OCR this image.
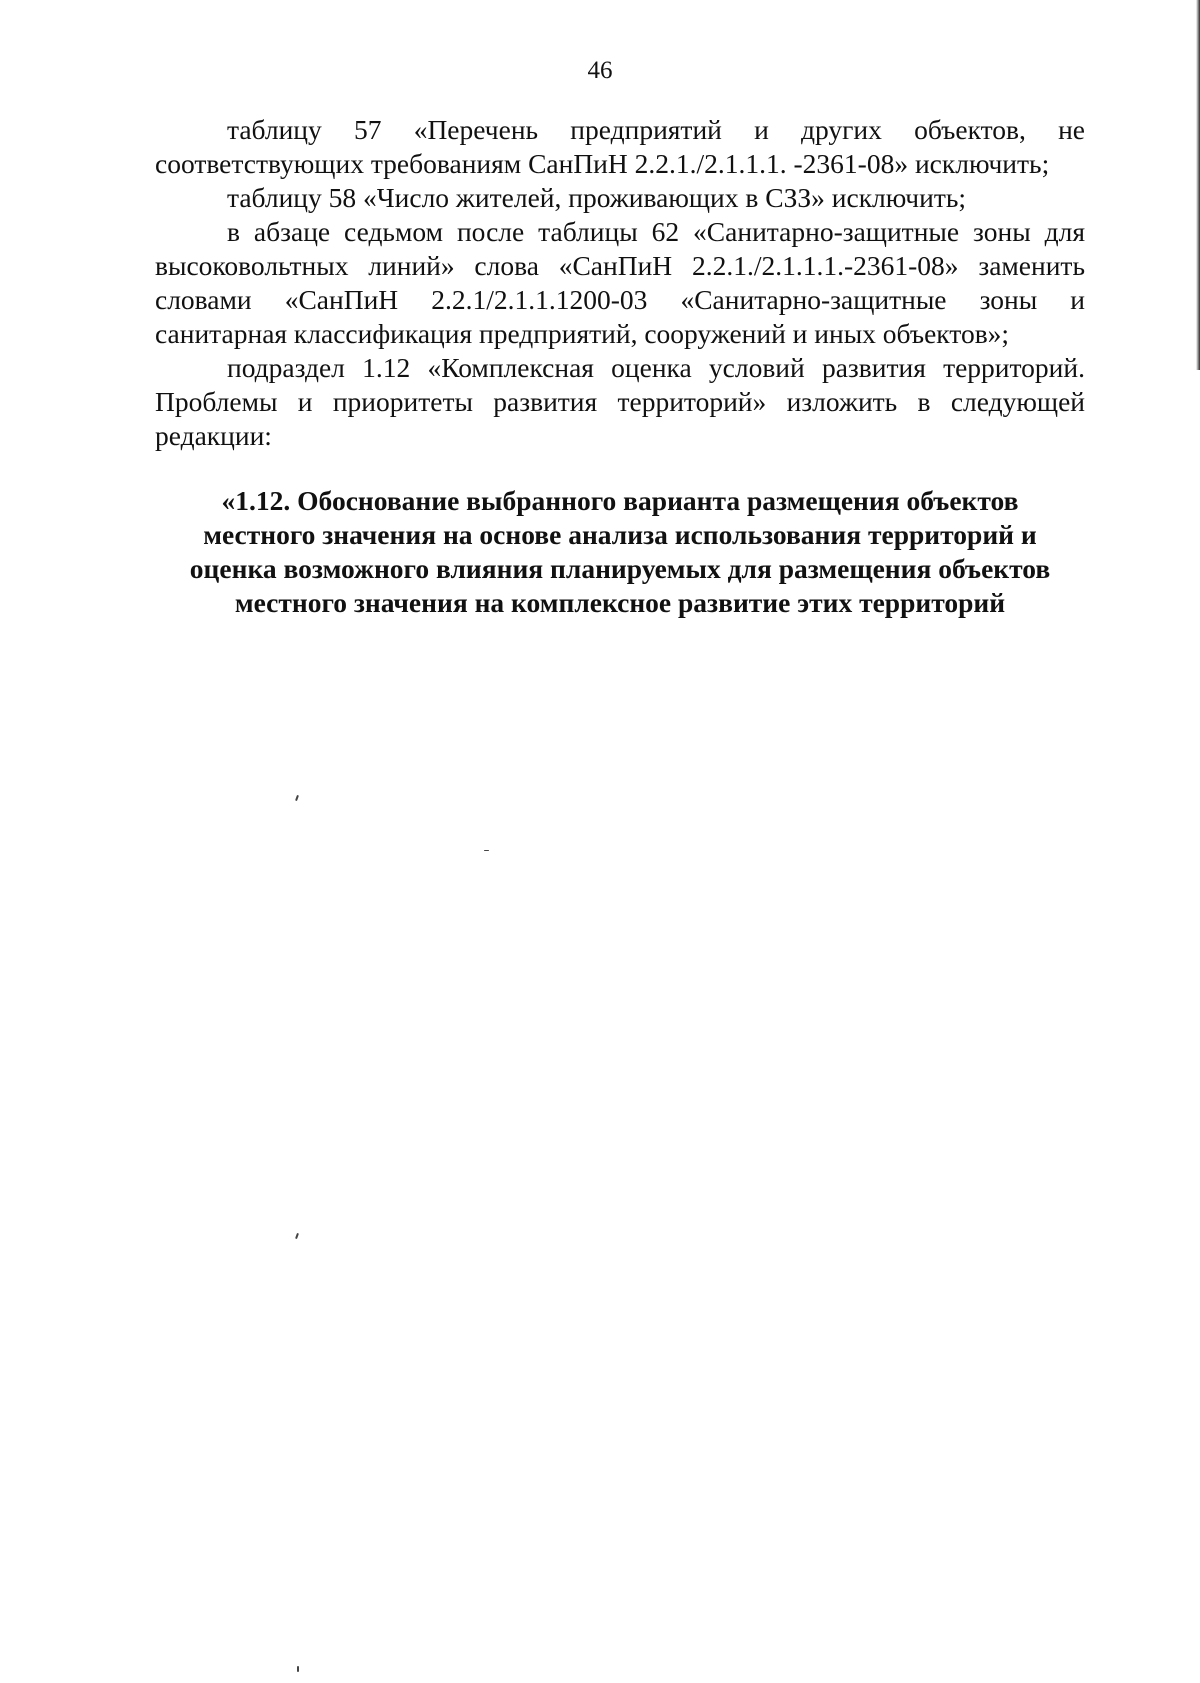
46

таблицу 57 «Перечень предприятий и других объектов, не соответствующих требованиям СанПиН 2.2.1./2.1.1.1. -2361-08» исключить;

таблицу 58 «Число жителей, проживающих в СЗЗ» исключить;

в абзаце седьмом после таблицы 62 «Санитарно-защитные зоны для высоковольтных линий» слова «СанПиН 2.2.1./2.1.1.1.-2361-08» заменить словами «СанПиН 2.2.1/2.1.1.1200-03 «Санитарно-защитные зоны и санитарная классификация предприятий, сооружений и иных объектов»;

подраздел 1.12 «Комплексная оценка условий развития территорий. Проблемы и приоритеты развития территорий» изложить в следующей редакции:

«1.12. Обоснование выбранного варианта размещения объектов
местного значения на основе анализа использования территорий и
оценка возможного влияния планируемых для размещения объектов
местного значения на комплексное развитие этих территорий
